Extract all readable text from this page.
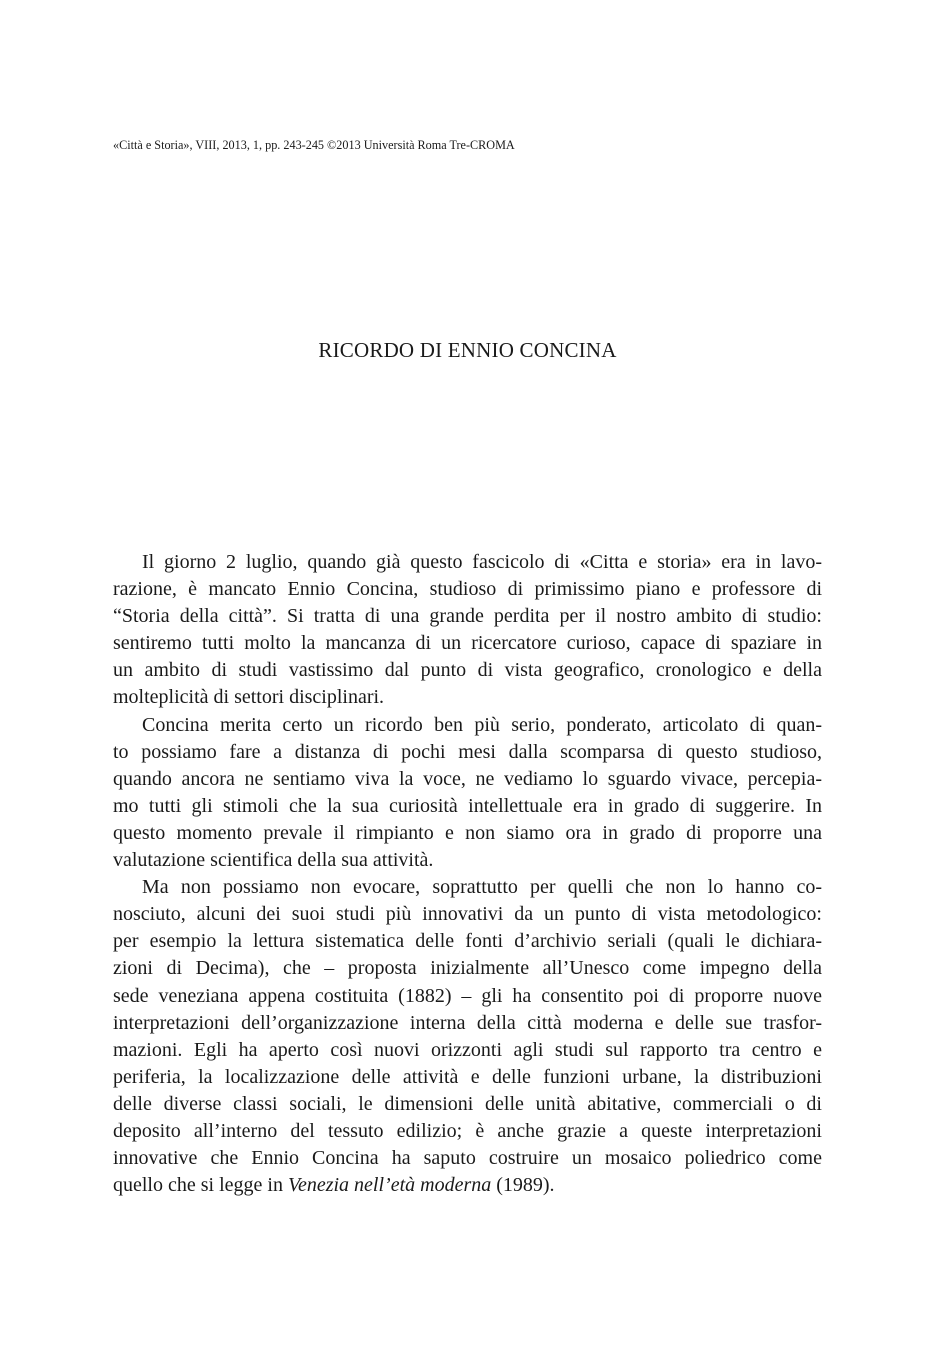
«Città e Storia», VIII, 2013, 1, pp. 243-245 ©2013 Università Roma Tre-CROMA
RICORDO DI ENNIO CONCINA
Il giorno 2 luglio, quando già questo fascicolo di «Citta e storia» era in lavo-
razione, è mancato Ennio Concina, studioso di primissimo piano e professore di
“Storia della città”. Si tratta di una grande perdita per il nostro ambito di studio:
sentiremo tutti molto la mancanza di un ricercatore curioso, capace di spaziare in
un ambito di studi vastissimo dal punto di vista geografico, cronologico e della
molteplicità di settori disciplinari.
Concina merita certo un ricordo ben più serio, ponderato, articolato di quan-
to possiamo fare a distanza di pochi mesi dalla scomparsa di questo studioso,
quando ancora ne sentiamo viva la voce, ne vediamo lo sguardo vivace, percepia-
mo tutti gli stimoli che la sua curiosità intellettuale era in grado di suggerire. In
questo momento prevale il rimpianto e non siamo ora in grado di proporre una
valutazione scientifica della sua attività.
Ma non possiamo non evocare, soprattutto per quelli che non lo hanno co-
nosciuto, alcuni dei suoi studi più innovativi da un punto di vista metodologico:
per esempio la lettura sistematica delle fonti d’archivio seriali (quali le dichiara-
zioni di Decima), che – proposta inizialmente all’Unesco come impegno della
sede veneziana appena costituita (1882) – gli ha consentito poi di proporre nuove
interpretazioni dell’organizzazione interna della città moderna e delle sue trasfor-
mazioni. Egli ha aperto così nuovi orizzonti agli studi sul rapporto tra centro e
periferia, la localizzazione delle attività e delle funzioni urbane, la distribuzioni
delle diverse classi sociali, le dimensioni delle unità abitative, commerciali o di
deposito all’interno del tessuto edilizio; è anche grazie a queste interpretazioni
innovative che Ennio Concina ha saputo costruire un mosaico poliedrico come
quello che si legge in Venezia nell’età moderna (1989).
